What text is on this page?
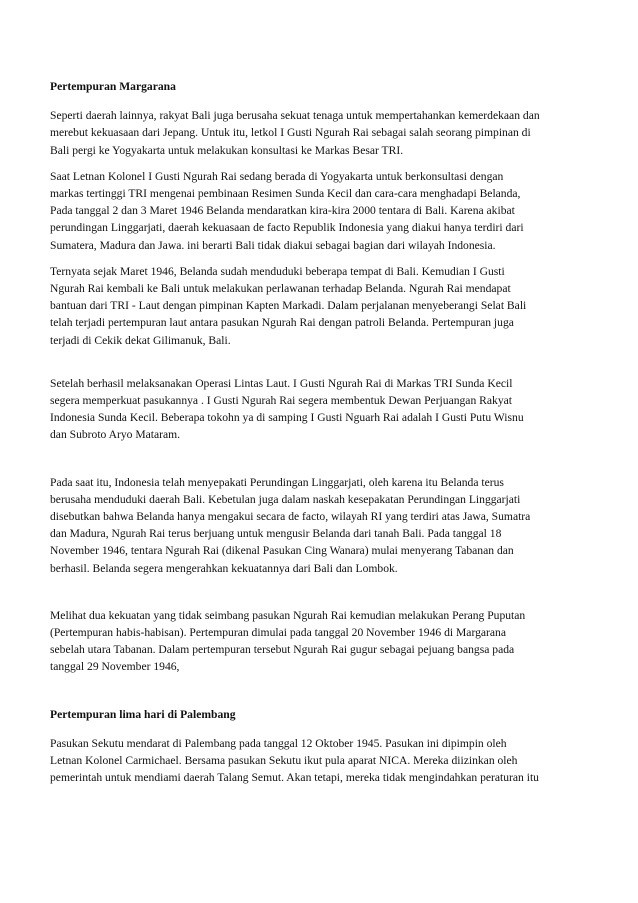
Pertempuran Margarana
Seperti daerah lainnya, rakyat Bali juga berusaha sekuat tenaga untuk mempertahankan kemerdekaan dan
merebut kekuasaan dari Jepang. Untuk itu, letkol I Gusti Ngurah Rai sebagai salah seorang pimpinan di
Bali pergi ke Yogyakarta untuk melakukan konsultasi ke Markas Besar TRI.
Saat Letnan Kolonel I Gusti Ngurah Rai sedang berada di Yogyakarta untuk berkonsultasi dengan
markas tertinggi TRI mengenai pembinaan Resimen Sunda Kecil dan cara-cara menghadapi Belanda,
Pada tanggal 2 dan 3 Maret 1946 Belanda mendaratkan kira-kira 2000 tentara di Bali. Karena akibat
perundingan Linggarjati, daerah kekuasaan de facto Republik Indonesia yang diakui hanya terdiri dari
Sumatera, Madura dan Jawa. ini berarti Bali tidak diakui sebagai bagian dari wilayah Indonesia.
Ternyata sejak Maret 1946, Belanda sudah menduduki beberapa tempat di Bali. Kemudian I Gusti
Ngurah Rai kembali ke Bali untuk melakukan perlawanan terhadap Belanda. Ngurah Rai mendapat
bantuan dari TRI - Laut dengan pimpinan Kapten Markadi. Dalam perjalanan menyeberangi Selat Bali
telah terjadi pertempuran laut antara pasukan Ngurah Rai dengan patroli Belanda. Pertempuran juga
terjadi di Cekik dekat Gilimanuk, Bali.
Setelah berhasil melaksanakan Operasi Lintas Laut. I Gusti Ngurah Rai di Markas TRI Sunda Kecil
segera memperkuat pasukannya . I Gusti Ngurah Rai segera membentuk Dewan Perjuangan Rakyat
Indonesia Sunda Kecil. Beberapa tokohn ya di samping I Gusti Nguarh Rai adalah I Gusti Putu Wisnu
dan Subroto Aryo Mataram.
Pada saat itu, Indonesia telah menyepakati Perundingan Linggarjati, oleh karena itu Belanda terus
berusaha menduduki daerah Bali. Kebetulan juga dalam naskah kesepakatan Perundingan Linggarjati
disebutkan bahwa Belanda hanya mengakui secara de facto, wilayah RI yang terdiri atas Jawa, Sumatra
dan Madura, Ngurah Rai terus berjuang untuk mengusir Belanda dari tanah Bali. Pada tanggal 18
November 1946, tentara Ngurah Rai (dikenal Pasukan Cing Wanara) mulai menyerang Tabanan dan
berhasil. Belanda segera mengerahkan kekuatannya dari Bali dan Lombok.
Melihat dua kekuatan yang tidak seimbang pasukan Ngurah Rai kemudian melakukan Perang Puputan
(Pertempuran habis-habisan). Pertempuran dimulai pada tanggal 20 November 1946 di Margarana
sebelah utara Tabanan. Dalam pertempuran tersebut Ngurah Rai gugur sebagai pejuang bangsa pada
tanggal 29 November 1946,
Pertempuran lima hari di Palembang
Pasukan Sekutu mendarat di Palembang pada tanggal 12 Oktober 1945. Pasukan ini dipimpin oleh
Letnan Kolonel Carmichael. Bersama pasukan Sekutu ikut pula aparat NICA. Mereka diizinkan oleh
pemerintah untuk mendiami daerah Talang Semut. Akan tetapi, mereka tidak mengindahkan peraturan itu
